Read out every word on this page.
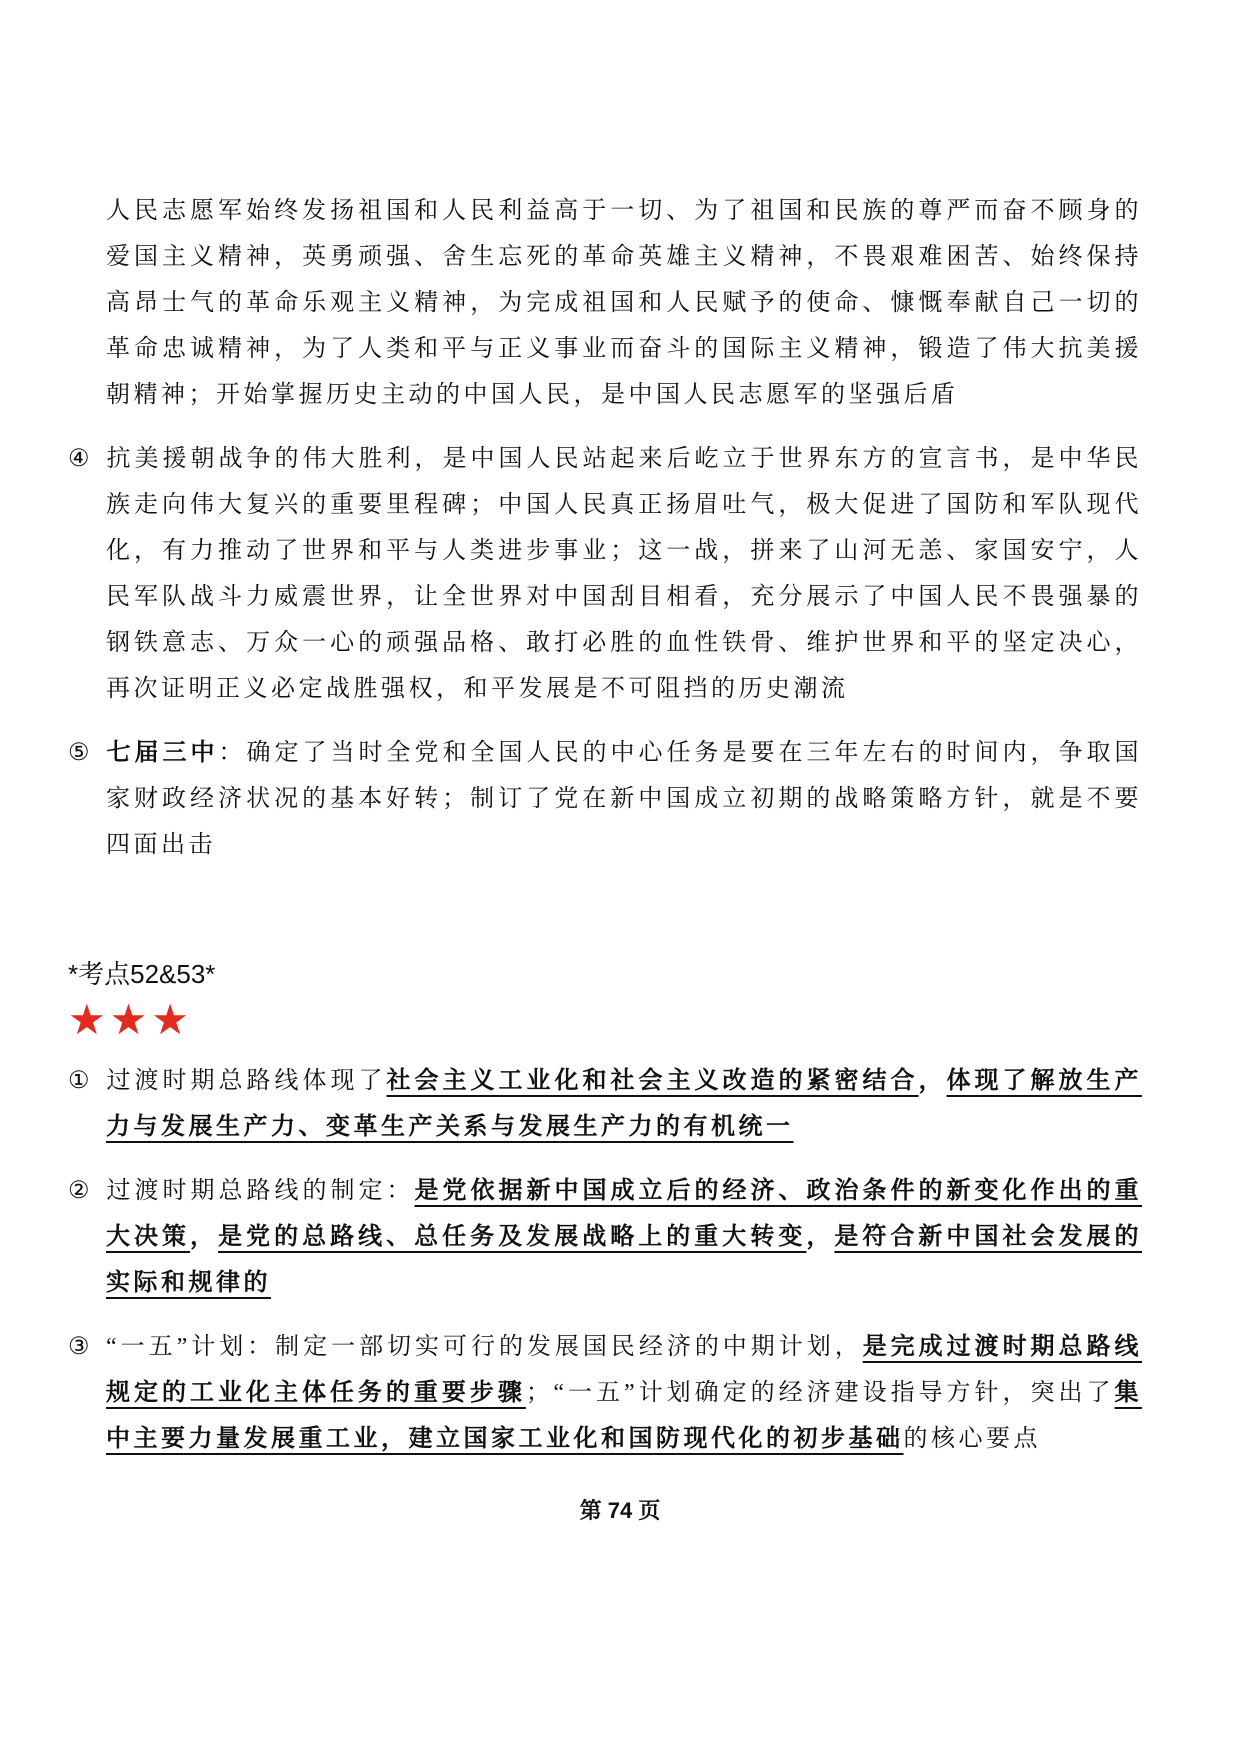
人民志愿军始终发扬祖国和人民利益高于一切、为了祖国和民族的尊严而奋不顾身的爱国主义精神，英勇顽强、舍生忘死的革命英雄主义精神，不畏艰难困苦、始终保持高昂士气的革命乐观主义精神，为完成祖国和人民赋予的使命、慷慨奉献自己一切的革命忠诚精神，为了人类和平与正义事业而奋斗的国际主义精神，锻造了伟大抗美援朝精神；开始掌握历史主动的中国人民，是中国人民志愿军的坚强后盾
④ 抗美援朝战争的伟大胜利，是中国人民站起来后屹立于世界东方的宣言书，是中华民族走向伟大复兴的重要里程碑；中国人民真正扬眉吐气，极大促进了国防和军队现代化，有力推动了世界和平与人类进步事业；这一战，拼来了山河无恙、家国安宁，人民军队战斗力威震世界，让全世界对中国刮目相看，充分展示了中国人民不畏强暴的钢铁意志、万众一心的顽强品格、敢打必胜的血性铁骨、维护世界和平的坚定决心，再次证明正义必定战胜强权，和平发展是不可阻挡的历史潮流
⑤ 七届三中：确定了当时全党和全国人民的中心任务是要在三年左右的时间内，争取国家财政经济状况的基本好转；制订了党在新中国成立初期的战略策略方针，就是不要四面出击
*考点52&53*
★★★
① 过渡时期总路线体现了社会主义工业化和社会主义改造的紧密结合，体现了解放生产力与发展生产力、变革生产关系与发展生产力的有机统一
② 过渡时期总路线的制定：是党依据新中国成立后的经济、政治条件的新变化作出的重大决策，是党的总路线、总任务及发展战略上的重大转变，是符合新中国社会发展的实际和规律的
③ “一五”计划：制定一部切实可行的发展国民经济的中期计划，是完成过渡时期总路线规定的工业化主体任务的重要步骤；“一五”计划确定的经济建设指导方针，突出了集中主要力量发展重工业，建立国家工业化和国防现代化的初步基础的核心要点
第 74 页
